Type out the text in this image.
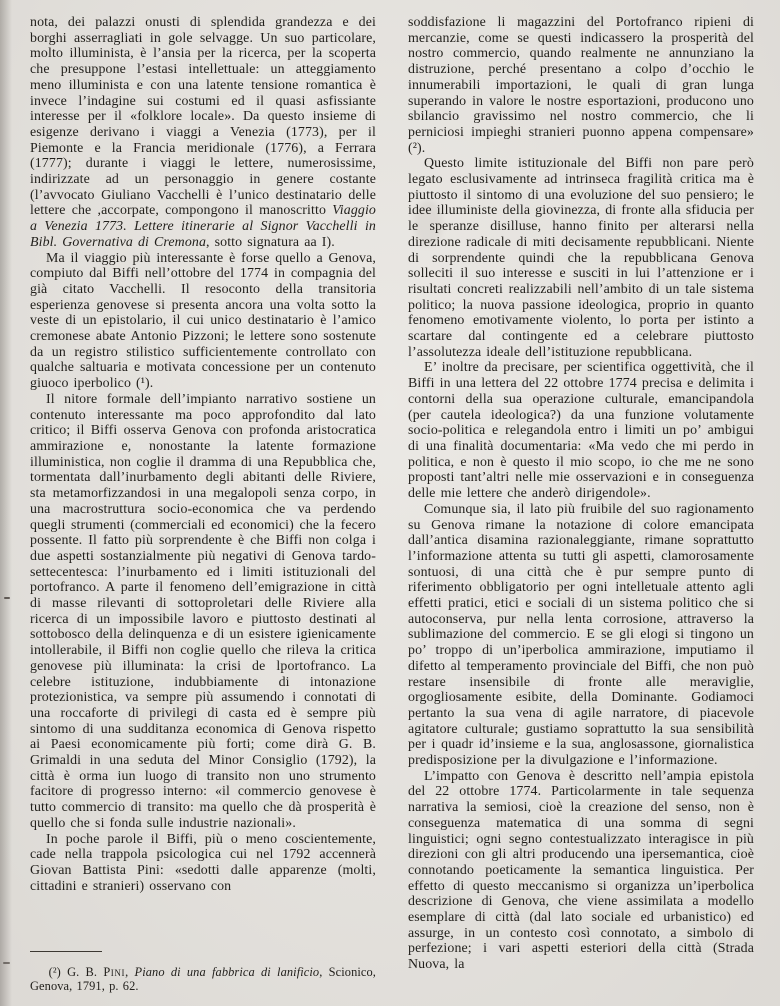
nota, dei palazzi onusti di splendida grandezza e dei borghi asserragliati in gole selvagge. Un suo particolare, molto illuminista, è l’ansia per la ricerca, per la scoperta che presuppone l’estasi intellettuale: un atteggiamento meno illuminista e con una latente tensione romantica è invece l’indagine sui costumi ed il quasi asfissiante interesse per il «folklore locale». Da questo insieme di esigenze derivano i viaggi a Venezia (1773), per il Piemonte e la Francia meridionale (1776), a Ferrara (1777); durante i viaggi le lettere, numerosissime, indirizzate ad un personaggio in genere costante (l’avvocato Giuliano Vacchelli è l’unico destinatario delle lettere che ,accorpate, compongono il manoscritto Viaggio a Venezia 1773. Lettere itinerarie al Signor Vacchelli in Bibl. Governativa di Cremona, sotto signatura aa I).

Ma il viaggio più interessante è forse quello a Genova, compiuto dal Biffi nell’ottobre del 1774 in compagnia del già citato Vacchelli. Il resoconto della transitoria esperienza genovese si presenta ancora una volta sotto la veste di un epistolario, il cui unico destinatario è l’amico cremonese abate Antonio Pizzoni; le lettere sono sostenute da un registro stilistico sufficientemente controllato con qualche saltuaria e motivata concessione per un contenuto giuoco iperbolico (¹).

Il nitore formale dell’impianto narrativo sostiene un contenuto interessante ma poco approfondito dal lato critico; il Biffi osserva Genova con profonda aristocratica ammirazione e, nonostante la latente formazione illuministica, non coglie il dramma di una Repubblica che, tormentata dall’inurbamento degli abitanti delle Riviere, sta metamorfizzandosi in una megalopoli senza corpo, in una macrostruttura socio-economica che va perdendo quegli strumenti (commerciali ed economici) che la fecero possente. Il fatto più sorprendente è che Biffi non colga i due aspetti sostanzialmente più negativi di Genova tardo-settecentesca: l’inurbamento ed i limiti istituzionali del portofranco. A parte il fenomeno dell’emigrazione in città di masse rilevanti di sottoproletari delle Riviere alla ricerca di un impossibile lavoro e piuttosto destinati al sottobosco della delinquenza e di un esistere igienicamente intollerabile, il Biffi non coglie quello che rileva la critica genovese più illuminata: la crisi de lportofranco. La celebre istituzione, indubbiamente di intonazione protezionistica, va sempre più assumendo i connotati di una roccaforte di privilegi di casta ed è sempre più sintomo di una sudditanza economica di Genova rispetto ai Paesi economicamente più forti; come dirà G. B. Grimaldi in una seduta del Minor Consiglio (1792), la città è orma iun luogo di transito non uno strumento facitore di progresso interno: «il commercio genovese è tutto commercio di transito: ma quello che dà prosperità è quello che si fonda sulle industrie nazionali».

In poche parole il Biffi, più o meno coscientemente, cade nella trappola psicologica cui nel 1792 accennerà Giovan Battista Pini: «sedotti dalle apparenze (molti, cittadini e stranieri) osservano con

(²) G. B. Pini, Piano di una fabbrica di lanificio, Scionico, Genova, 1791, p. 62.

soddisfazione li magazzini del Portofranco ripieni di mercanzie, come se questi indicassero la prosperità del nostro commercio, quando realmente ne annunziano la distruzione, perché presentano a colpo d’occhio le innumerabili importazioni, le quali di gran lunga superando in valore le nostre esportazioni, producono uno sbilancio gravissimo nel nostro commercio, che li perniciosi impieghi stranieri puonno appena compensare» (²).

Questo limite istituzionale del Biffi non pare però legato esclusivamente ad intrinseca fragilità critica ma è piuttosto il sintomo di una evoluzione del suo pensiero; le idee illuministe della giovinezza, di fronte alla sfiducia per le speranze disilluse, hanno finito per alterarsi nella direzione radicale di miti decisamente repubblicani. Niente di sorprendente quindi che la repubblicana Genova solleciti il suo interesse e susciti in lui l’attenzione er i risultati concreti realizzabili nell’ambito di un tale sistema politico; la nuova passione ideologica, proprio in quanto fenomeno emotivamente violento, lo porta per istinto a scartare dal contingente ed a celebrare piuttosto l’assolutezza ideale dell’istituzione repubblicana.

E’ inoltre da precisare, per scientifica oggettività, che il Biffi in una lettera del 22 ottobre 1774 precisa e delimita i contorni della sua operazione culturale, emancipandola (per cautela ideologica?) da una funzione volutamente socio-politica e relegandola entro i limiti un po’ ambigui di una finalità documentaria: «Ma vedo che mi perdo in politica, e non è questo il mio scopo, io che me ne sono proposti tant’altri nelle mie osservazioni e in conseguenza delle mie lettere che anderò dirigendole».

Comunque sia, il lato più fruibile del suo ragionamento su Genova rimane la notazione di colore emancipata dall’antica disamina razionaleggiante, rimane soprattutto l’informazione attenta su tutti gli aspetti, clamorosamente sontuosi, di una città che è pur sempre punto di riferimento obbligatorio per ogni intelletuale attento agli effetti pratici, etici e sociali di un sistema politico che si autoconserva, pur nella lenta corrosione, attraverso la sublimazione del commercio. E se gli elogi si tingono un po’ troppo di un’iperbolica ammirazione, imputiamo il difetto al temperamento provinciale del Biffi, che non può restare insensibile di fronte alle meraviglie, orgogliosamente esibite, della Dominante. Godiamoci pertanto la sua vena di agile narratore, di piacevole agitatore culturale; gustiamo soprattutto la sua sensibilità per i quadr id’insieme e la sua, anglosassone, giornalistica predisposizione per la divulgazione e l’informazione.

L’impatto con Genova è descritto nell’ampia epistola del 22 ottobre 1774. Particolarmente in tale sequenza narrativa la semiosi, cioè la creazione del senso, non è conseguenza matematica di una somma di segni linguistici; ogni segno contestualizzato interagisce in più direzioni con gli altri producendo una ipersemantica, cioè connotando poeticamente la semantica linguistica. Per effetto di questo meccanismo si organizza un’iperbolica descrizione di Genova, che viene assimilata a modello esemplare di città (dal lato sociale ed urbanistico) ed assurge, in un contesto così connotato, a simbolo di perfezione; i vari aspetti esteriori della città (Strada Nuova, la
